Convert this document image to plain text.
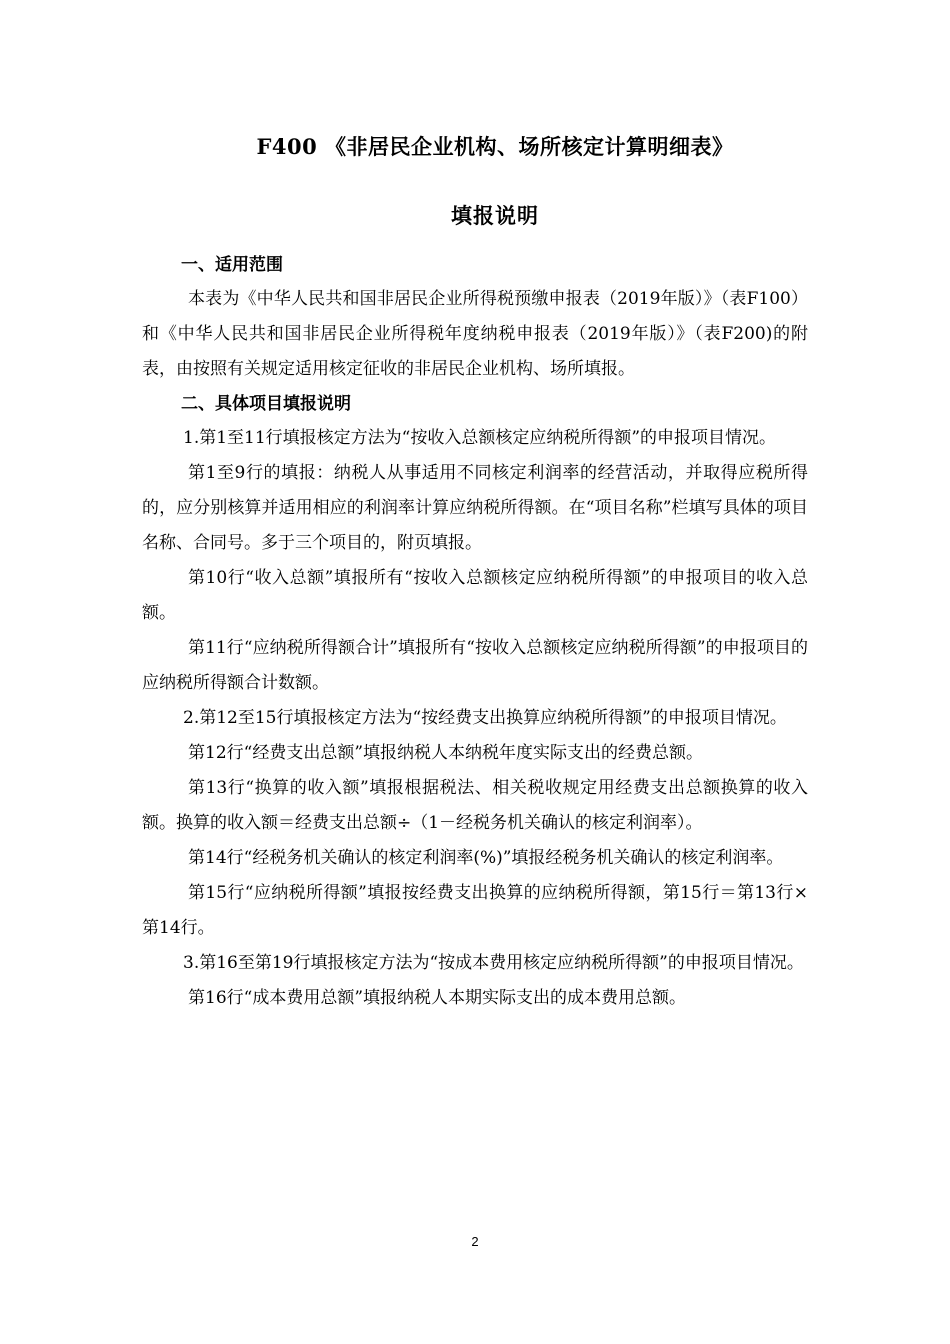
F400 《非居民企业机构、场所核定计算明细表》
填报说明
一、适用范围

本表为《中华人民共和国非居民企业所得税预缴申报表（2019年版）》（表F100）和《中华人民共和国非居民企业所得税年度纳税申报表（2019年版）》（表F200)的附表，由按照有关规定适用核定征收的非居民企业机构、场所填报。

二、具体项目填报说明

1.第1至11行填报核定方法为“按收入总额核定应纳税所得额”的申报项目情况。

第1至9行的填报：纳税人从事适用不同核定利润率的经营活动，并取得应税所得的，应分别核算并适用相应的利润率计算应纳税所得额。在“项目名称”栏填写具体的项目名称、合同号。多于三个项目的，附页填报。

第10行“收入总额”填报所有“按收入总额核定应纳税所得额”的申报项目的收入总额。

第11行“应纳税所得额合计”填报所有“按收入总额核定应纳税所得额”的申报项目的应纳税所得额合计数额。

2.第12至15行填报核定方法为“按经费支出换算应纳税所得额”的申报项目情况。

第12行“经费支出总额”填报纳税人本纳税年度实际支出的经费总额。

第13行“换算的收入额”填报根据税法、相关税收规定用经费支出总额换算的收入额。换算的收入额＝经费支出总额÷（1－经税务机关确认的核定利润率）。

第14行“经税务机关确认的核定利润率(%)”填报经税务机关确认的核定利润率。

第15行“应纳税所得额”填报按经费支出换算的应纳税所得额，第15行＝第13行×第14行。

3.第16至第19行填报核定方法为“按成本费用核定应纳税所得额”的申报项目情况。

第16行“成本费用总额”填报纳税人本期实际支出的成本费用总额。

2
